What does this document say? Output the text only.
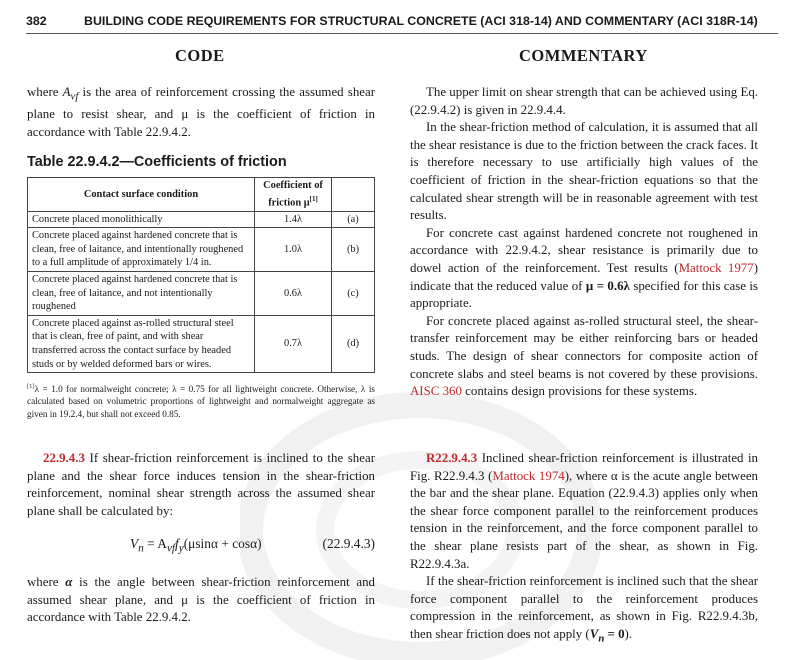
382	BUILDING CODE REQUIREMENTS FOR STRUCTURAL CONCRETE (ACI 318-14) AND COMMENTARY (ACI 318R-14)
CODE	COMMENTARY

where $A_{vf}$ is the area of reinforcement crossing the assumed shear plane to resist shear, and μ is the coefficient of friction in accordance with Table 22.9.4.2.

Table 22.9.4.2—Coefficients of friction
Contact surface condition	Coefficient of friction μ[1]	
Concrete placed monolithically	1.4λ	(a)
Concrete placed against hardened concrete that is clean, free of laitance, and intentionally roughened to a full amplitude of approximately 1/4 in.	1.0λ	(b)
Concrete placed against hardened concrete that is clean, free of laitance, and not intentionally roughened	0.6λ	(c)
Concrete placed against as-rolled structural steel that is clean, free of paint, and with shear transferred across the contact surface by headed studs or by welded deformed bars or wires.	0.7λ	(d)
[1]λ = 1.0 for normalweight concrete; λ = 0.75 for all lightweight concrete. Otherwise, λ is calculated based on volumetric proportions of lightweight and normalweight aggregate as given in 19.2.4, but shall not exceed 0.85.

22.9.4.3 If shear-friction reinforcement is inclined to the shear plane and the shear force induces tension in the shear-friction reinforcement, nominal shear strength across the assumed shear plane shall be calculated by:

$V_n = A_{vf}f_y(\mu\sin\alpha + \cos\alpha)$	(22.9.4.3)

where α is the angle between shear-friction reinforcement and assumed shear plane, and μ is the coefficient of friction in accordance with Table 22.9.4.2.

The upper limit on shear strength that can be achieved using Eq. (22.9.4.2) is given in 22.9.4.4.

In the shear-friction method of calculation, it is assumed that all the shear resistance is due to the friction between the crack faces. It is therefore necessary to use artificially high values of the coefficient of friction in the shear-friction equations so that the calculated shear strength will be in reasonable agreement with test results.

For concrete cast against hardened concrete not roughened in accordance with 22.9.4.2, shear resistance is primarily due to dowel action of the reinforcement. Test results (Mattock 1977) indicate that the reduced value of μ = 0.6λ specified for this case is appropriate.

For concrete placed against as-rolled structural steel, the shear-transfer reinforcement may be either reinforcing bars or headed studs. The design of shear connectors for composite action of concrete slabs and steel beams is not covered by these provisions. AISC 360 contains design provisions for these systems.

R22.9.4.3 Inclined shear-friction reinforcement is illustrated in Fig. R22.9.4.3 (Mattock 1974), where α is the acute angle between the bar and the shear plane. Equation (22.9.4.3) applies only when the shear force component parallel to the reinforcement produces tension in the reinforcement, and the force component parallel to the shear plane resists part of the shear, as shown in Fig. R22.9.4.3a.

If the shear-friction reinforcement is inclined such that the shear force component parallel to the reinforcement produces compression in the reinforcement, as shown in Fig. R22.9.4.3b, then shear friction does not apply $(V_n = 0)$.
